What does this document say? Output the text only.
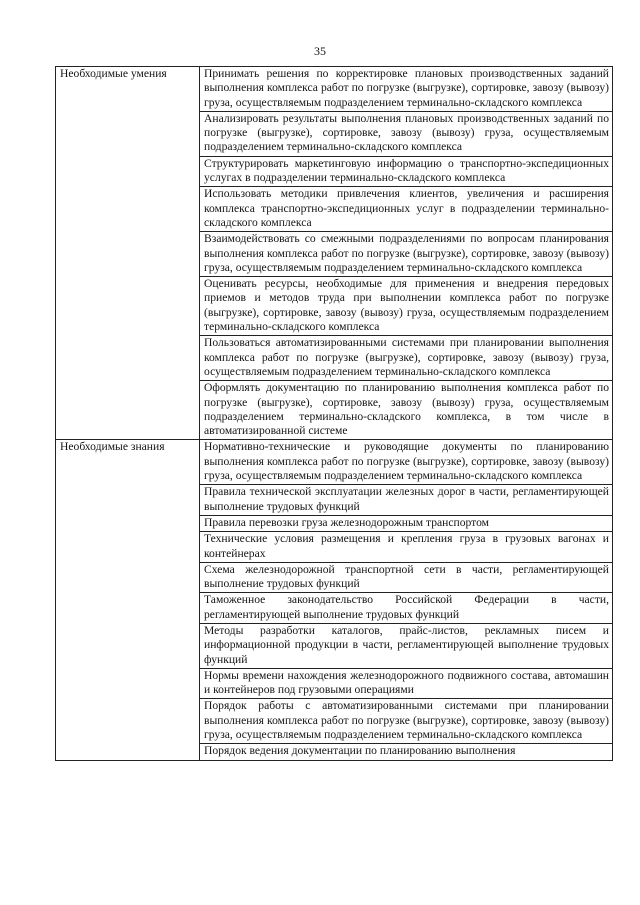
35
Необходимые умения	Принимать решения по корректировке плановых производственных заданий выполнения комплекса работ по погрузке (выгрузке), сортировке, завозу (вывозу) груза, осуществляемым подразделением терминально-складского комплекса
	Анализировать результаты выполнения плановых производственных заданий по погрузке (выгрузке), сортировке, завозу (вывозу) груза, осуществляемым подразделением терминально-складского комплекса
	Структурировать маркетинговую информацию о транспортно-экспедиционных услугах в подразделении терминально-складского комплекса
	Использовать методики привлечения клиентов, увеличения и расширения комплекса транспортно-экспедиционных услуг в подразделении терминально-складского комплекса
	Взаимодействовать со смежными подразделениями по вопросам планирования выполнения комплекса работ по погрузке (выгрузке), сортировке, завозу (вывозу) груза, осуществляемым подразделением терминально-складского комплекса
	Оценивать ресурсы, необходимые для применения и внедрения передовых приемов и методов труда при выполнении комплекса работ по погрузке (выгрузке), сортировке, завозу (вывозу) груза, осуществляемым подразделением терминально-складского комплекса
	Пользоваться автоматизированными системами при планировании выполнения комплекса работ по погрузке (выгрузке), сортировке, завозу (вывозу) груза, осуществляемым подразделением терминально-складского комплекса
	Оформлять документацию по планированию выполнения комплекса работ по погрузке (выгрузке), сортировке, завозу (вывозу) груза, осуществляемым подразделением терминально-складского комплекса, в том числе в автоматизированной системе
Необходимые знания	Нормативно-технические и руководящие документы по планированию выполнения комплекса работ по погрузке (выгрузке), сортировке, завозу (вывозу) груза, осуществляемым подразделением терминально-складского комплекса
	Правила технической эксплуатации железных дорог в части, регламентирующей выполнение трудовых функций
	Правила перевозки груза железнодорожным транспортом
	Технические условия размещения и крепления груза в грузовых вагонах и контейнерах
	Схема железнодорожной транспортной сети в части, регламентирующей выполнение трудовых функций
	Таможенное законодательство Российской Федерации в части, регламентирующей выполнение трудовых функций
	Методы разработки каталогов, прайс-листов, рекламных писем и информационной продукции в части, регламентирующей выполнение трудовых функций
	Нормы времени нахождения железнодорожного подвижного состава, автомашин и контейнеров под грузовыми операциями
	Порядок работы с автоматизированными системами при планировании выполнения комплекса работ по погрузке (выгрузке), сортировке, завозу (вывозу) груза, осуществляемым подразделением терминально-складского комплекса
	Порядок ведения документации по планированию выполнения
